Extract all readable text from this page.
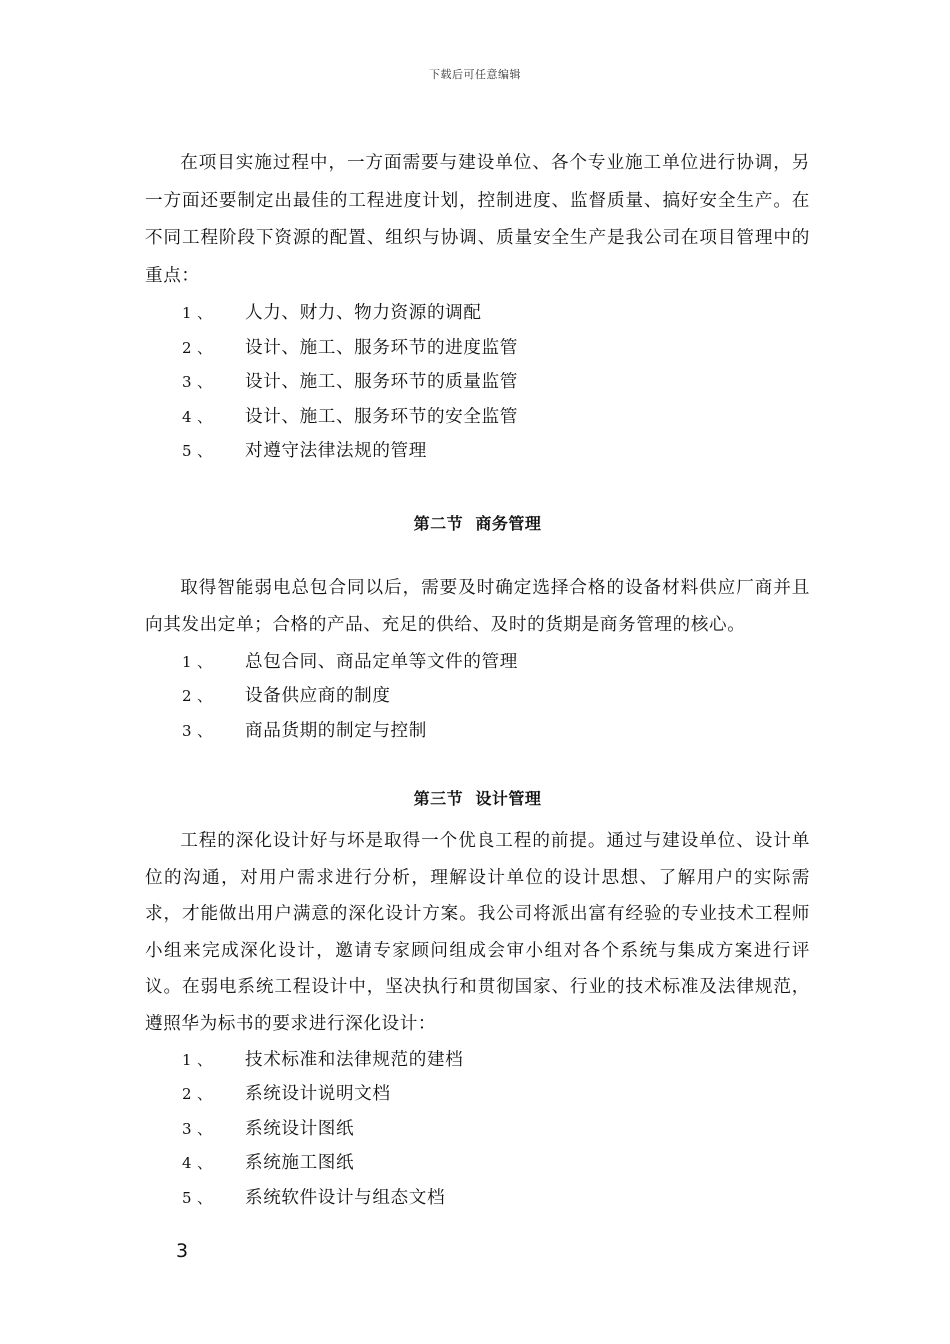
下载后可任意编辑

在项目实施过程中，一方面需要与建设单位、各个专业施工单位进行协调，另一方面还要制定出最佳的工程进度计划，控制进度、监督质量、搞好安全生产。在不同工程阶段下资源的配置、组织与协调、质量安全生产是我公司在项目管理中的重点：

1 、 人力、财力、物力资源的调配
2 、 设计、施工、服务环节的进度监管
3 、 设计、施工、服务环节的质量监管
4 、 设计、施工、服务环节的安全监管
5 、 对遵守法律法规的管理
第二节  商务管理

取得智能弱电总包合同以后，需要及时确定选择合格的设备材料供应厂商并且向其发出定单；合格的产品、充足的供给、及时的货期是商务管理的核心。

1 、 总包合同、商品定单等文件的管理
2 、 设备供应商的制度
3 、 商品货期的制定与控制
第三节  设计管理

工程的深化设计好与坏是取得一个优良工程的前提。通过与建设单位、设计单位的沟通，对用户需求进行分析，理解设计单位的设计思想、了解用户的实际需求，才能做出用户满意的深化设计方案。我公司将派出富有经验的专业技术工程师小组来完成深化设计，邀请专家顾问组成会审小组对各个系统与集成方案进行评议。在弱电系统工程设计中，坚决执行和贯彻国家、行业的技术标准及法律规范，遵照华为标书的要求进行深化设计：

1 、 技术标准和法律规范的建档
2 、 系统设计说明文档
3 、 系统设计图纸
4 、 系统施工图纸
5 、 系统软件设计与组态文档
3
